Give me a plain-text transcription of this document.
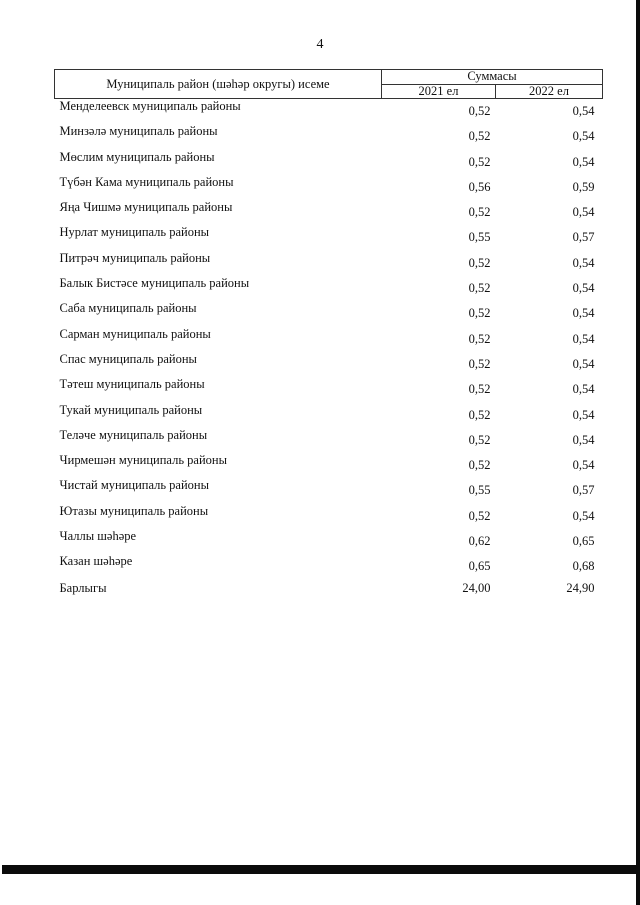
4
Муниципаль район (шәһәр округы) исеме	Суммасы	
	2021 ел	2022 ел
Менделеевск муниципаль районы	0,52	0,54
Минзәлә муниципаль районы	0,52	0,54
Мөслим муниципаль районы	0,52	0,54
Түбән Кама муниципаль районы	0,56	0,59
Яңа Чишмә муниципаль районы	0,52	0,54
Нурлат муниципаль районы	0,55	0,57
Питрәч муниципаль районы	0,52	0,54
Балык Бистәсе муниципаль районы	0,52	0,54
Саба муниципаль районы	0,52	0,54
Сарман муниципаль районы	0,52	0,54
Спас муниципаль районы	0,52	0,54
Тәтеш муниципаль районы	0,52	0,54
Тукай муниципаль районы	0,52	0,54
Теләче муниципаль районы	0,52	0,54
Чирмешән муниципаль районы	0,52	0,54
Чистай муниципаль районы	0,55	0,57
Ютазы муниципаль районы	0,52	0,54
Чаллы шәһәре	0,62	0,65
Казан шәһәре	0,65	0,68
Барлыгы	24,00	24,90
